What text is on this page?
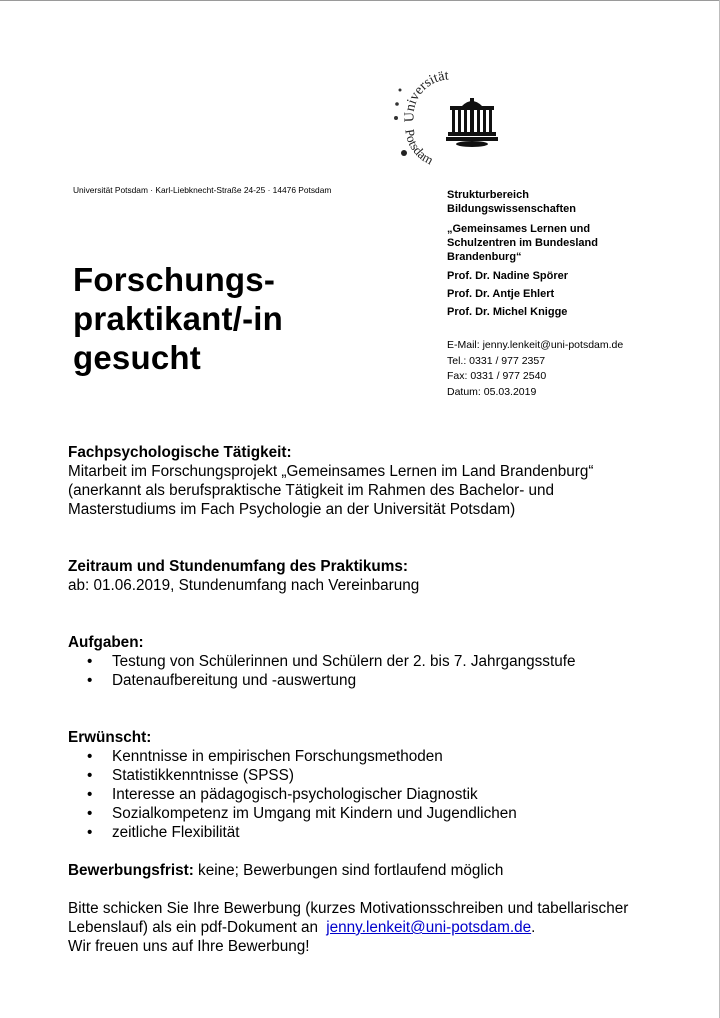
Universität
Potsdam
Universität Potsdam · Karl-Liebknecht-Straße 24-25 · 14476 Potsdam	Strukturbereich
Bildungswissenschaften
„Gemeinsames Lernen und
Schulzentren im Bundesland
Brandenburg“
Prof. Dr. Nadine Spörer
Prof. Dr. Antje Ehlert
Prof. Dr. Michel Knigge
E-Mail: jenny.lenkeit@uni-potsdam.de
Tel.: 0331 / 977 2357
Fax: 0331 / 977 2540
Datum: 05.03.2019
Forschungs-
praktikant/-in
gesucht
Fachpsychologische Tätigkeit:
Mitarbeit im Forschungsprojekt „Gemeinsames Lernen im Land Brandenburg“
(anerkannt als berufspraktische Tätigkeit im Rahmen des Bachelor- und
Masterstudiums im Fach Psychologie an der Universität Potsdam)
Zeitraum und Stundenumfang des Praktikums:
ab: 01.06.2019, Stundenumfang nach Vereinbarung
Aufgaben:
• Testung von Schülerinnen und Schülern der 2. bis 7. Jahrgangsstufe
• Datenaufbereitung und -auswertung
Erwünscht:
• Kenntnisse in empirischen Forschungsmethoden
• Statistikkenntnisse (SPSS)
• Interesse an pädagogisch-psychologischer Diagnostik
• Sozialkompetenz im Umgang mit Kindern und Jugendlichen
• zeitliche Flexibilität
Bewerbungsfrist: keine; Bewerbungen sind fortlaufend möglich
Bitte schicken Sie Ihre Bewerbung (kurzes Motivationsschreiben und tabellarischer
Lebenslauf) als ein pdf-Dokument an jenny.lenkeit@uni-potsdam.de.
Wir freuen uns auf Ihre Bewerbung!
